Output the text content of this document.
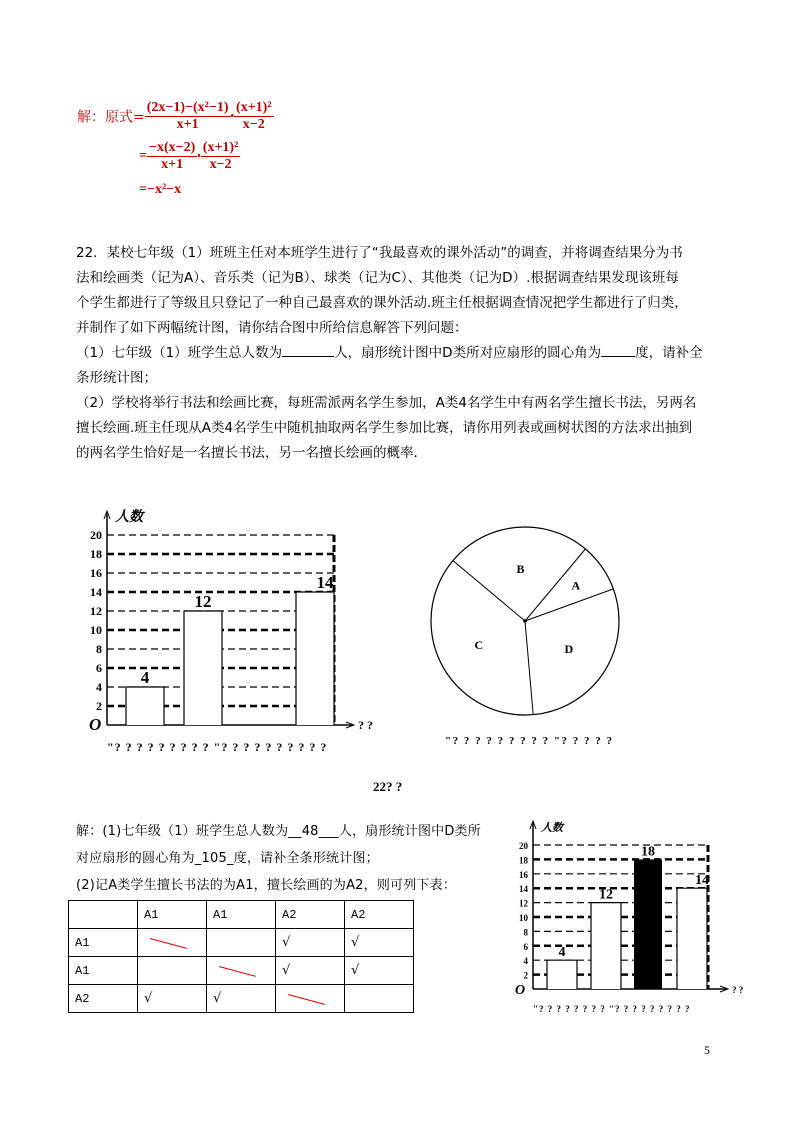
解：原式= $\frac{\text{(2x−1)−(x²−1)}}{x+1}$ • $\frac{\text{(x+1)²}}{x-2}$
= $\frac{-x(x-2)}{x+1}$ • $\frac{\text{(x+1)²}}{x-2}$
=−x²−x
22．某校七年级（1）班班主任对本班学生进行了“我最喜欢的课外活动”的调查，并将调查结果分为书
法和绘画类（记为A）、音乐类（记为B）、球类（记为C）、其他类（记为D）.根据调查结果发现该班每
个学生都进行了等级且只登记了一种自己最喜欢的课外活动.班主任根据调查情况把学生都进行了归类，
并制作了如下两幅统计图，请你结合图中所给信息解答下列问题：
（1）七年级（1）班学生总人数为	人，扇形统计图中D类所对应扇形的圆心角为	度，请补全
条形统计图；
（2）学校将举行书法和绘画比赛，每班需派两名学生参加，A类4名学生中有两名学生擅长书法，另两名
擅长绘画.班主任现从A类4名学生中随机抽取两名学生参加比赛，请你用列表或画树状图的方法求出抽到
的两名学生恰好是一名擅长书法，另一名擅长绘画的概率.
人数
? ?
O
2
4
6
8
10
12
14
16
18
20
4
12
14
"? ? ? ? ? ? ? ? ? "? ? ? ? ? ? ? ? ? ?
A
D
C
B
"? ? ? ? ? ? ? ? ? "? ? ? ? ?
人数
? ?
O
2
4
6
8
10
12
14
16
18
20
4
12
18
14
"? ? ? ? ? ? ? ? "? ? ? ? ? ? ? ? ?
22? ?
解：(1)七年级（1）班学生总人数为__48___人，扇形统计图中D类所
对应扇形的圆心角为_105_度，请补全条形统计图；
(2)记A类学生擅长书法的为A1，擅长绘画的为A2，则可列下表：
	A1	A1	A2	A2
A1			√	√
A1			√	√
A2	√	√	

5
